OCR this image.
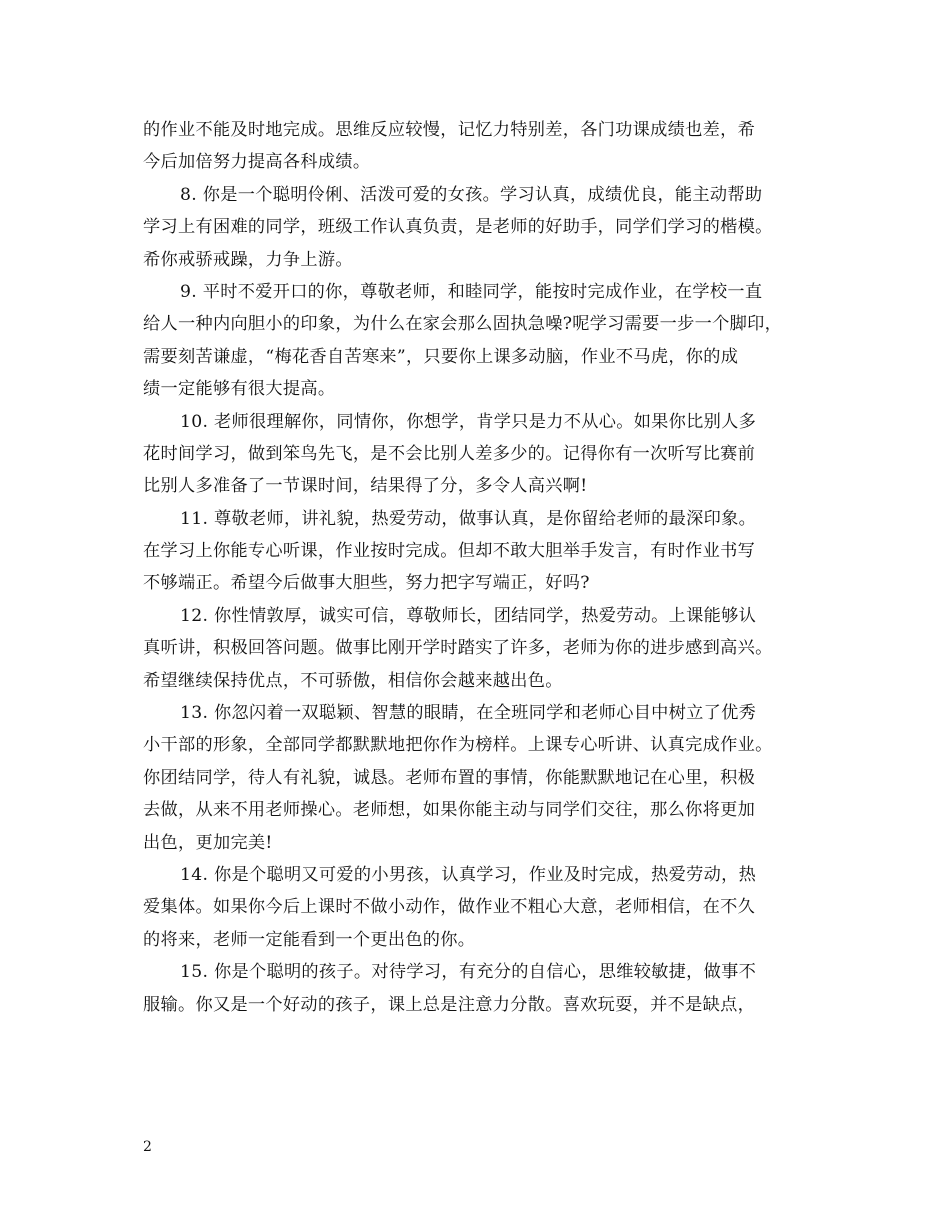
的作业不能及时地完成。思维反应较慢，记忆力特别差，各门功课成绩也差，希
今后加倍努力提高各科成绩。
8. 你是一个聪明伶俐、活泼可爱的女孩。学习认真，成绩优良，能主动帮助
学习上有困难的同学，班级工作认真负责，是老师的好助手，同学们学习的楷模。
希你戒骄戒躁，力争上游。
9. 平时不爱开口的你，尊敬老师，和睦同学，能按时完成作业，在学校一直
给人一种内向胆小的印象，为什么在家会那么固执急噪?呢学习需要一步一个脚印，
需要刻苦谦虚，“梅花香自苦寒来”，只要你上课多动脑，作业不马虎，你的成
绩一定能够有很大提高。
10. 老师很理解你，同情你，你想学，肯学只是力不从心。如果你比别人多
花时间学习，做到笨鸟先飞，是不会比别人差多少的。记得你有一次听写比赛前
比别人多准备了一节课时间，结果得了分，多令人高兴啊!
11. 尊敬老师，讲礼貌，热爱劳动，做事认真，是你留给老师的最深印象。
在学习上你能专心听课，作业按时完成。但却不敢大胆举手发言，有时作业书写
不够端正。希望今后做事大胆些，努力把字写端正，好吗?
12. 你性情敦厚，诚实可信，尊敬师长，团结同学，热爱劳动。上课能够认
真听讲，积极回答问题。做事比刚开学时踏实了许多，老师为你的进步感到高兴。
希望继续保持优点，不可骄傲，相信你会越来越出色。
13. 你忽闪着一双聪颖、智慧的眼睛，在全班同学和老师心目中树立了优秀
小干部的形象，全部同学都默默地把你作为榜样。上课专心听讲、认真完成作业。
你团结同学，待人有礼貌，诚恳。老师布置的事情，你能默默地记在心里，积极
去做，从来不用老师操心。老师想，如果你能主动与同学们交往，那么你将更加
出色，更加完美!
14. 你是个聪明又可爱的小男孩，认真学习，作业及时完成，热爱劳动，热
爱集体。如果你今后上课时不做小动作，做作业不粗心大意，老师相信，在不久
的将来，老师一定能看到一个更出色的你。
15. 你是个聪明的孩子。对待学习，有充分的自信心，思维较敏捷，做事不
服输。你又是一个好动的孩子，课上总是注意力分散。喜欢玩耍，并不是缺点，
2
